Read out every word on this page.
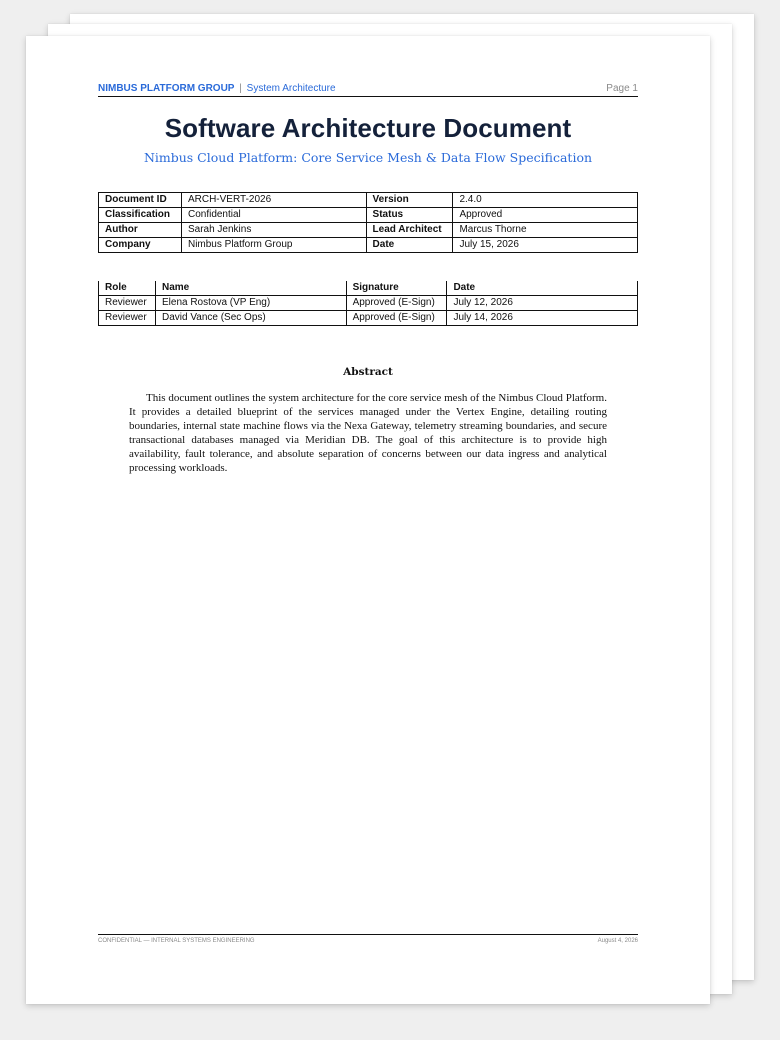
NIMBUS PLATFORM GROUP | System Architecture	Page 1
Software Architecture Document
Nimbus Cloud Platform: Core Service Mesh & Data Flow Specification
Document ID	ARCH-VERT-2026	Version	2.4.0
Classification	Confidential	Status	Approved
Author	Sarah Jenkins	Lead Architect	Marcus Thorne
Company	Nimbus Platform Group	Date	July 15, 2026
Role	Name	Signature	Date
Reviewer	Elena Rostova (VP Eng)	Approved (E-Sign)	July 12, 2026
Reviewer	David Vance (Sec Ops)	Approved (E-Sign)	July 14, 2026
Abstract

This document outlines the system architecture for the core service mesh of the Nimbus Cloud Platform. It provides a detailed blueprint of the services managed under the Vertex Engine, detailing routing boundaries, internal state machine flows via the Nexa Gateway, telemetry streaming boundaries, and secure transactional databases managed via Meridian DB. The goal of this architecture is to provide high availability, fault tolerance, and absolute separation of concerns between our data ingress and analytical processing workloads.

CONFIDENTIAL — INTERNAL SYSTEMS ENGINEERING	August 4, 2026
